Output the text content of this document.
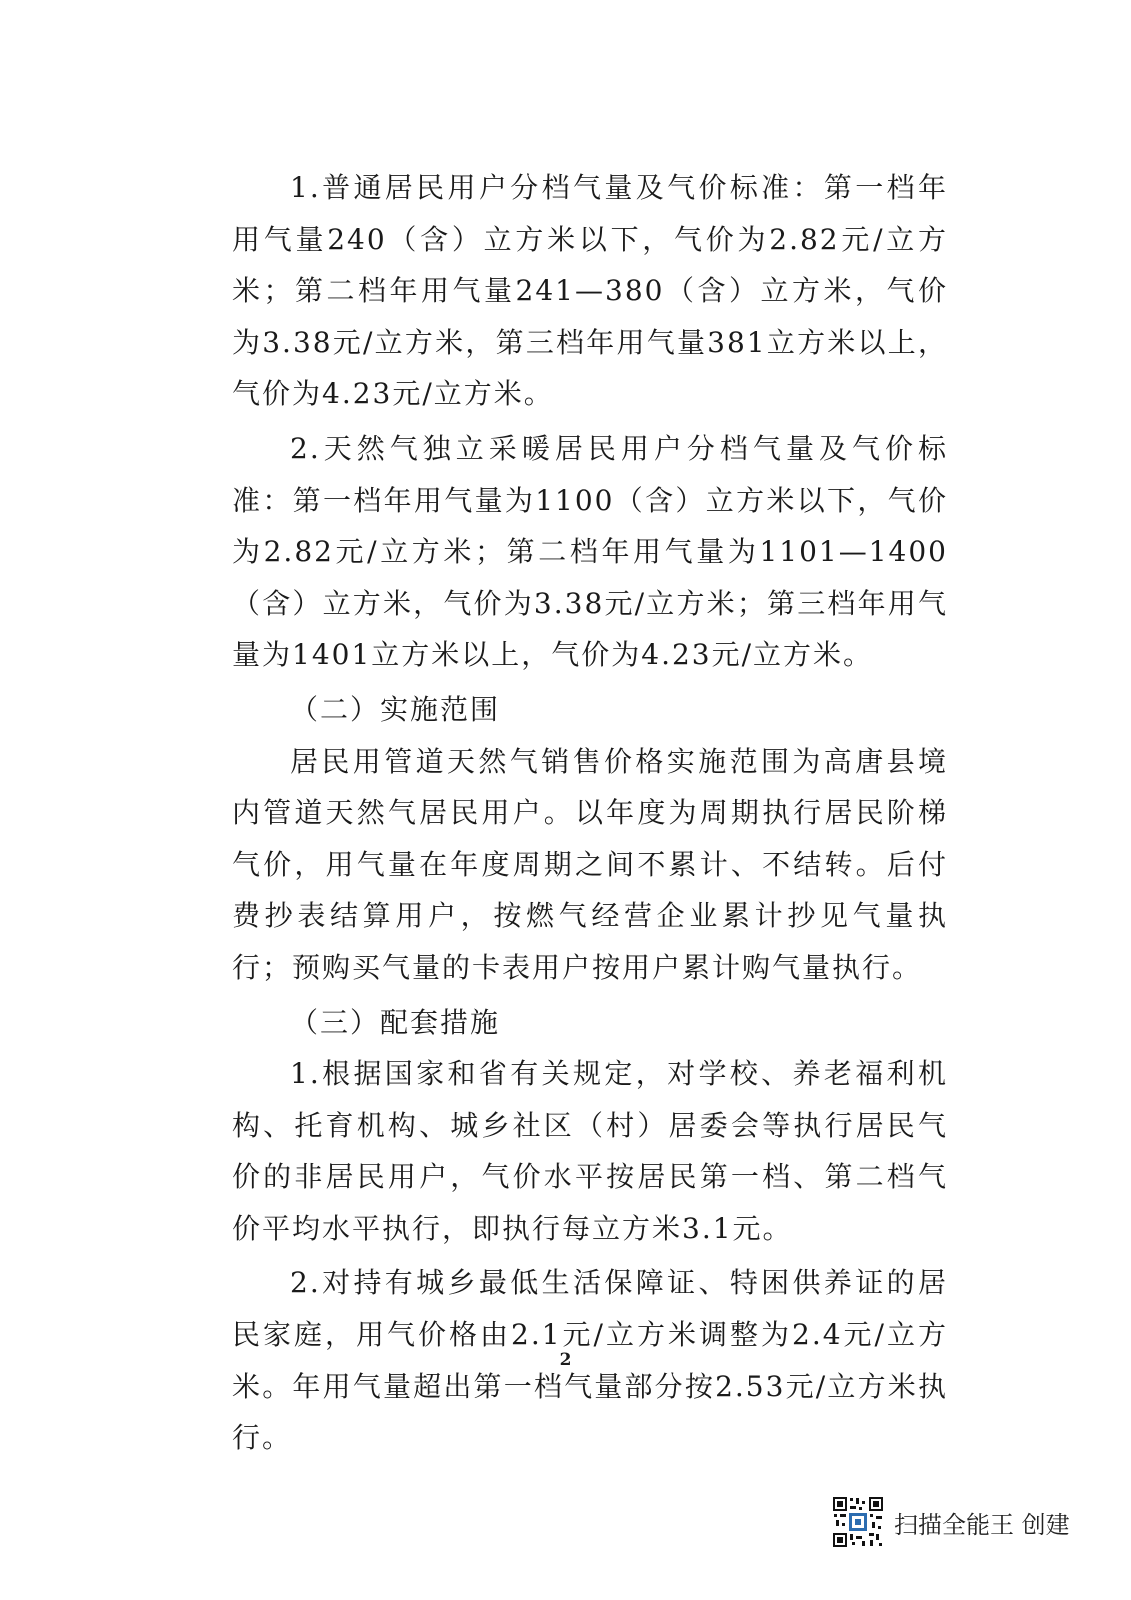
1.普通居民用户分档气量及气价标准：第一档年用气量240（含）立方米以下，气价为2.82元/立方米；第二档年用气量241—380（含）立方米，气价为3.38元/立方米，第三档年用气量381立方米以上，气价为4.23元/立方米。

2.天然气独立采暖居民用户分档气量及气价标准：第一档年用气量为1100（含）立方米以下，气价为2.82元/立方米；第二档年用气量为1101—1400（含）立方米，气价为3.38元/立方米；第三档年用气量为1401立方米以上，气价为4.23元/立方米。

（二）实施范围

居民用管道天然气销售价格实施范围为高唐县境内管道天然气居民用户。以年度为周期执行居民阶梯气价，用气量在年度周期之间不累计、不结转。后付费抄表结算用户，按燃气经营企业累计抄见气量执行；预购买气量的卡表用户按用户累计购气量执行。

（三）配套措施

1.根据国家和省有关规定，对学校、养老福利机构、托育机构、城乡社区（村）居委会等执行居民气价的非居民用户，气价水平按居民第一档、第二档气价平均水平执行，即执行每立方米3.1元。

2.对持有城乡最低生活保障证、特困供养证的居民家庭，用气价格由2.1元/立方米调整为2.4元/立方米。年用气量超出第一档气量部分按2.53元/立方米执行。

2
扫描全能王 创建
